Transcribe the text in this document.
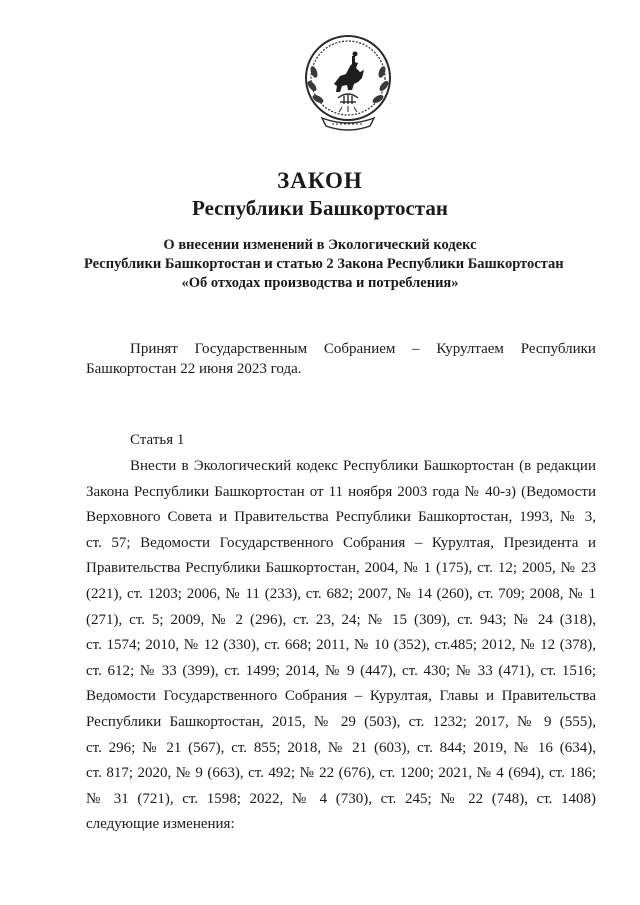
ЗАКОН
Республики Башкортостан
О внесении изменений в Экологический кодекс
Республики Башкортостан и статью 2 Закона Республики Башкортостан
«Об отходах производства и потребления»
Принят Государственным Собранием – Курултаем Республики
Башкортостан 22 июня 2023 года.
Статья 1
Внести в Экологический кодекс Республики Башкортостан (в редакции
Закона Республики Башкортостан от 11 ноября 2003 года № 40-з) (Ведомости
Верховного Совета и Правительства Республики Башкортостан, 1993, № 3,
ст. 57; Ведомости Государственного Собрания – Курултая, Президента и
Правительства Республики Башкортостан, 2004, № 1 (175), ст. 12; 2005, № 23
(221), ст. 1203; 2006, № 11 (233), ст. 682; 2007, № 14 (260), ст. 709; 2008, № 1
(271), ст. 5; 2009, № 2 (296), ст. 23, 24; № 15 (309), ст. 943; № 24 (318),
ст. 1574; 2010, № 12 (330), ст. 668; 2011, № 10 (352), ст.485; 2012, № 12 (378),
ст. 612; № 33 (399), ст. 1499; 2014, № 9 (447), ст. 430; № 33 (471), ст. 1516;
Ведомости Государственного Собрания – Курултая, Главы и Правительства
Республики Башкортостан, 2015, № 29 (503), ст. 1232; 2017, № 9 (555),
ст. 296; № 21 (567), ст. 855; 2018, № 21 (603), ст. 844; 2019, № 16 (634),
ст. 817; 2020, № 9 (663), ст. 492; № 22 (676), ст. 1200; 2021, № 4 (694), ст. 186;
№ 31 (721), ст. 1598; 2022, № 4 (730), ст. 245; № 22 (748), ст. 1408)
следующие изменения:
